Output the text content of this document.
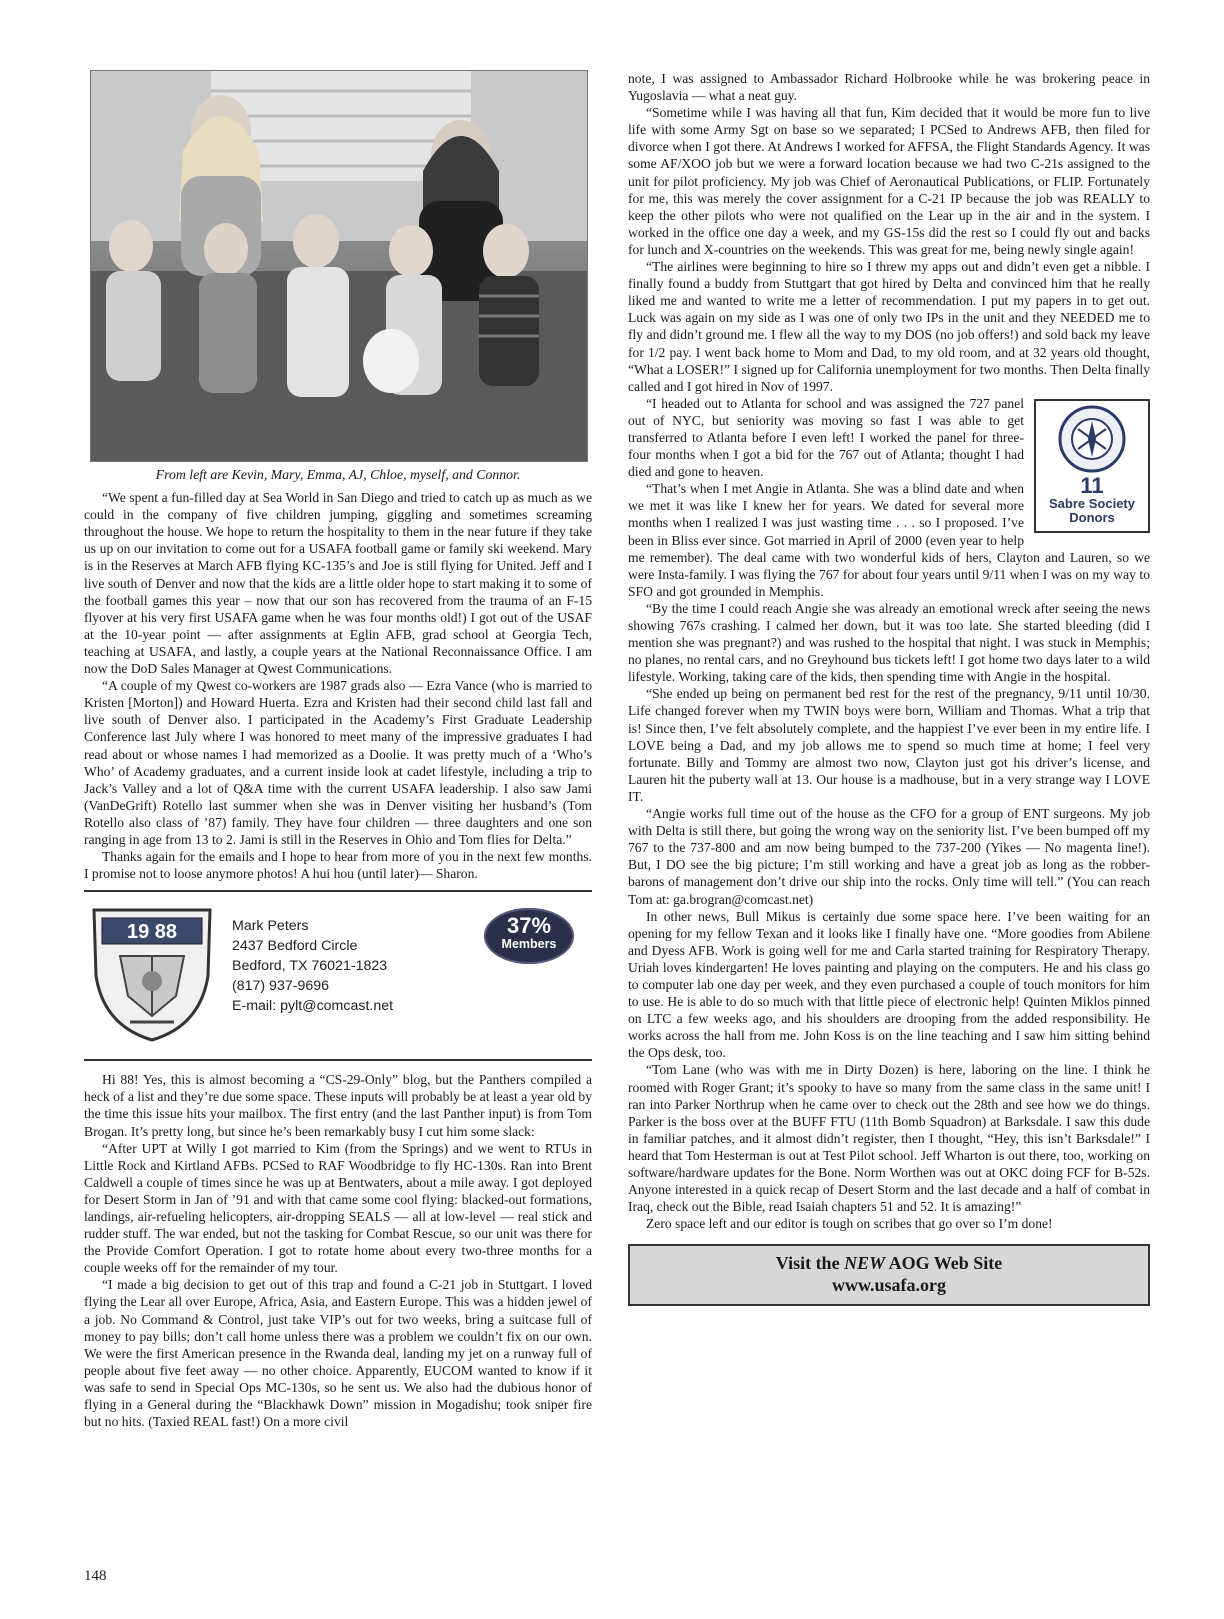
From left are Kevin, Mary, Emma, AJ, Chloe, myself, and Connor.

“We spent a fun-filled day at Sea World in San Diego and tried to catch up as much as we could in the company of five children jumping, giggling and sometimes screaming throughout the house. We hope to return the hospitality to them in the near future if they take us up on our invitation to come out for a USAFA football game or family ski weekend. Mary is in the Reserves at March AFB flying KC-135’s and Joe is still flying for United. Jeff and I live south of Denver and now that the kids are a little older hope to start making it to some of the football games this year – now that our son has recovered from the trauma of an F-15 flyover at his very first USAFA game when he was four months old!) I got out of the USAF at the 10-year point — after assignments at Eglin AFB, grad school at Georgia Tech, teaching at USAFA, and lastly, a couple years at the National Reconnaissance Office. I am now the DoD Sales Manager at Qwest Communications.

“A couple of my Qwest co-workers are 1987 grads also — Ezra Vance (who is married to Kristen [Morton]) and Howard Huerta. Ezra and Kristen had their second child last fall and live south of Denver also. I participated in the Academy’s First Graduate Leadership Conference last July where I was honored to meet many of the impressive graduates I had read about or whose names I had memorized as a Doolie. It was pretty much of a ‘Who’s Who’ of Academy graduates, and a current inside look at cadet lifestyle, including a trip to Jack’s Valley and a lot of Q&A time with the current USAFA leadership. I also saw Jami (VanDeGrift) Rotello last summer when she was in Denver visiting her husband’s (Tom Rotello also class of ’87) family. They have four children — three daughters and one son ranging in age from 13 to 2. Jami is still in the Reserves in Ohio and Tom flies for Delta.”

Thanks again for the emails and I hope to hear from more of you in the next few months. I promise not to loose anymore photos! A hui hou (until later)— Sharon.

19 88	Mark Peters
2437 Bedford Circle
Bedford, TX 76021-1823
(817) 937-9696
E-mail: pylt@comcast.net
37%
Members

Hi 88! Yes, this is almost becoming a “CS-29-Only” blog, but the Panthers compiled a heck of a list and they’re due some space. These inputs will probably be at least a year old by the time this issue hits your mailbox. The first entry (and the last Panther input) is from Tom Brogan. It’s pretty long, but since he’s been remarkably busy I cut him some slack:

“After UPT at Willy I got married to Kim (from the Springs) and we went to RTUs in Little Rock and Kirtland AFBs. PCSed to RAF Woodbridge to fly HC-130s. Ran into Brent Caldwell a couple of times since he was up at Bentwaters, about a mile away. I got deployed for Desert Storm in Jan of ’91 and with that came some cool flying: blacked-out formations, landings, air-refueling helicopters, air-dropping SEALS — all at low-level — real stick and rudder stuff. The war ended, but not the tasking for Combat Rescue, so our unit was there for the Provide Comfort Operation. I got to rotate home about every two-three months for a couple weeks off for the remainder of my tour.

“I made a big decision to get out of this trap and found a C-21 job in Stuttgart. I loved flying the Lear all over Europe, Africa, Asia, and Eastern Europe. This was a hidden jewel of a job. No Command & Control, just take VIP’s out for two weeks, bring a suitcase full of money to pay bills; don’t call home unless there was a problem we couldn’t fix on our own. We were the first American presence in the Rwanda deal, landing my jet on a runway full of people about five feet away — no other choice. Apparently, EUCOM wanted to know if it was safe to send in Special Ops MC-130s, so he sent us. We also had the dubious honor of flying in a General during the “Blackhawk Down” mission in Mogadishu; took sniper fire but no hits. (Taxied REAL fast!) On a more civil

note, I was assigned to Ambassador Richard Holbrooke while he was brokering peace in Yugoslavia — what a neat guy.

“Sometime while I was having all that fun, Kim decided that it would be more fun to live life with some Army Sgt on base so we separated; I PCSed to Andrews AFB, then filed for divorce when I got there. At Andrews I worked for AFFSA, the Flight Standards Agency. It was some AF/XOO job but we were a forward location because we had two C-21s assigned to the unit for pilot proficiency. My job was Chief of Aeronautical Publications, or FLIP. Fortunately for me, this was merely the cover assignment for a C-21 IP because the job was REALLY to keep the other pilots who were not qualified on the Lear up in the air and in the system. I worked in the office one day a week, and my GS-15s did the rest so I could fly out and backs for lunch and X-countries on the weekends. This was great for me, being newly single again!

“The airlines were beginning to hire so I threw my apps out and didn’t even get a nibble. I finally found a buddy from Stuttgart that got hired by Delta and convinced him that he really liked me and wanted to write me a letter of recommendation. I put my papers in to get out. Luck was again on my side as I was one of only two IPs in the unit and they NEEDED me to fly and didn’t ground me. I flew all the way to my DOS (no job offers!) and sold back my leave for 1/2 pay. I went back home to Mom and Dad, to my old room, and at 32 years old thought, “What a LOSER!” I signed up for California unemployment for two months. Then Delta finally called and I got hired in Nov of 1997.

11
Sabre Society
Donors

“I headed out to Atlanta for school and was assigned the 727 panel out of NYC, but seniority was moving so fast I was able to get transferred to Atlanta before I even left! I worked the panel for three-four months when I got a bid for the 767 out of Atlanta; thought I had died and gone to heaven.

“That’s when I met Angie in Atlanta. She was a blind date and when we met it was like I knew her for years. We dated for several more months when I realized I was just wasting time . . . so I proposed. I’ve been in Bliss ever since. Got married in April of 2000 (even year to help me remember). The deal came with two wonderful kids of hers, Clayton and Lauren, so we were Insta-family. I was flying the 767 for about four years until 9/11 when I was on my way to SFO and got grounded in Memphis.

“By the time I could reach Angie she was already an emotional wreck after seeing the news showing 767s crashing. I calmed her down, but it was too late. She started bleeding (did I mention she was pregnant?) and was rushed to the hospital that night. I was stuck in Memphis; no planes, no rental cars, and no Greyhound bus tickets left! I got home two days later to a wild lifestyle. Working, taking care of the kids, then spending time with Angie in the hospital.

“She ended up being on permanent bed rest for the rest of the pregnancy, 9/11 until 10/30. Life changed forever when my TWIN boys were born, William and Thomas. What a trip that is! Since then, I’ve felt absolutely complete, and the happiest I’ve ever been in my entire life. I LOVE being a Dad, and my job allows me to spend so much time at home; I feel very fortunate. Billy and Tommy are almost two now, Clayton just got his driver’s license, and Lauren hit the puberty wall at 13. Our house is a madhouse, but in a very strange way I LOVE IT.

“Angie works full time out of the house as the CFO for a group of ENT surgeons. My job with Delta is still there, but going the wrong way on the seniority list. I’ve been bumped off my 767 to the 737-800 and am now being bumped to the 737-200 (Yikes — No magenta line!). But, I DO see the big picture; I’m still working and have a great job as long as the robber-barons of management don’t drive our ship into the rocks. Only time will tell.” (You can reach Tom at: ga.brogran@comcast.net)

In other news, Bull Mikus is certainly due some space here. I’ve been waiting for an opening for my fellow Texan and it looks like I finally have one. “More goodies from Abilene and Dyess AFB. Work is going well for me and Carla started training for Respiratory Therapy. Uriah loves kindergarten! He loves painting and playing on the computers. He and his class go to computer lab one day per week, and they even purchased a couple of touch monitors for him to use. He is able to do so much with that little piece of electronic help! Quinten Miklos pinned on LTC a few weeks ago, and his shoulders are drooping from the added responsibility. He works across the hall from me. John Koss is on the line teaching and I saw him sitting behind the Ops desk, too.

“Tom Lane (who was with me in Dirty Dozen) is here, laboring on the line. I think he roomed with Roger Grant; it’s spooky to have so many from the same class in the same unit! I ran into Parker Northrup when he came over to check out the 28th and see how we do things. Parker is the boss over at the BUFF FTU (11th Bomb Squadron) at Barksdale. I saw this dude in familiar patches, and it almost didn’t register, then I thought, “Hey, this isn’t Barksdale!” I heard that Tom Hesterman is out at Test Pilot school. Jeff Wharton is out there, too, working on software/hardware updates for the Bone. Norm Worthen was out at OKC doing FCF for B-52s. Anyone interested in a quick recap of Desert Storm and the last decade and a half of combat in Iraq, check out the Bible, read Isaiah chapters 51 and 52. It is amazing!”

Zero space left and our editor is tough on scribes that go over so I’m done!

Visit the NEW AOG Web Site
www.usafa.org
148
